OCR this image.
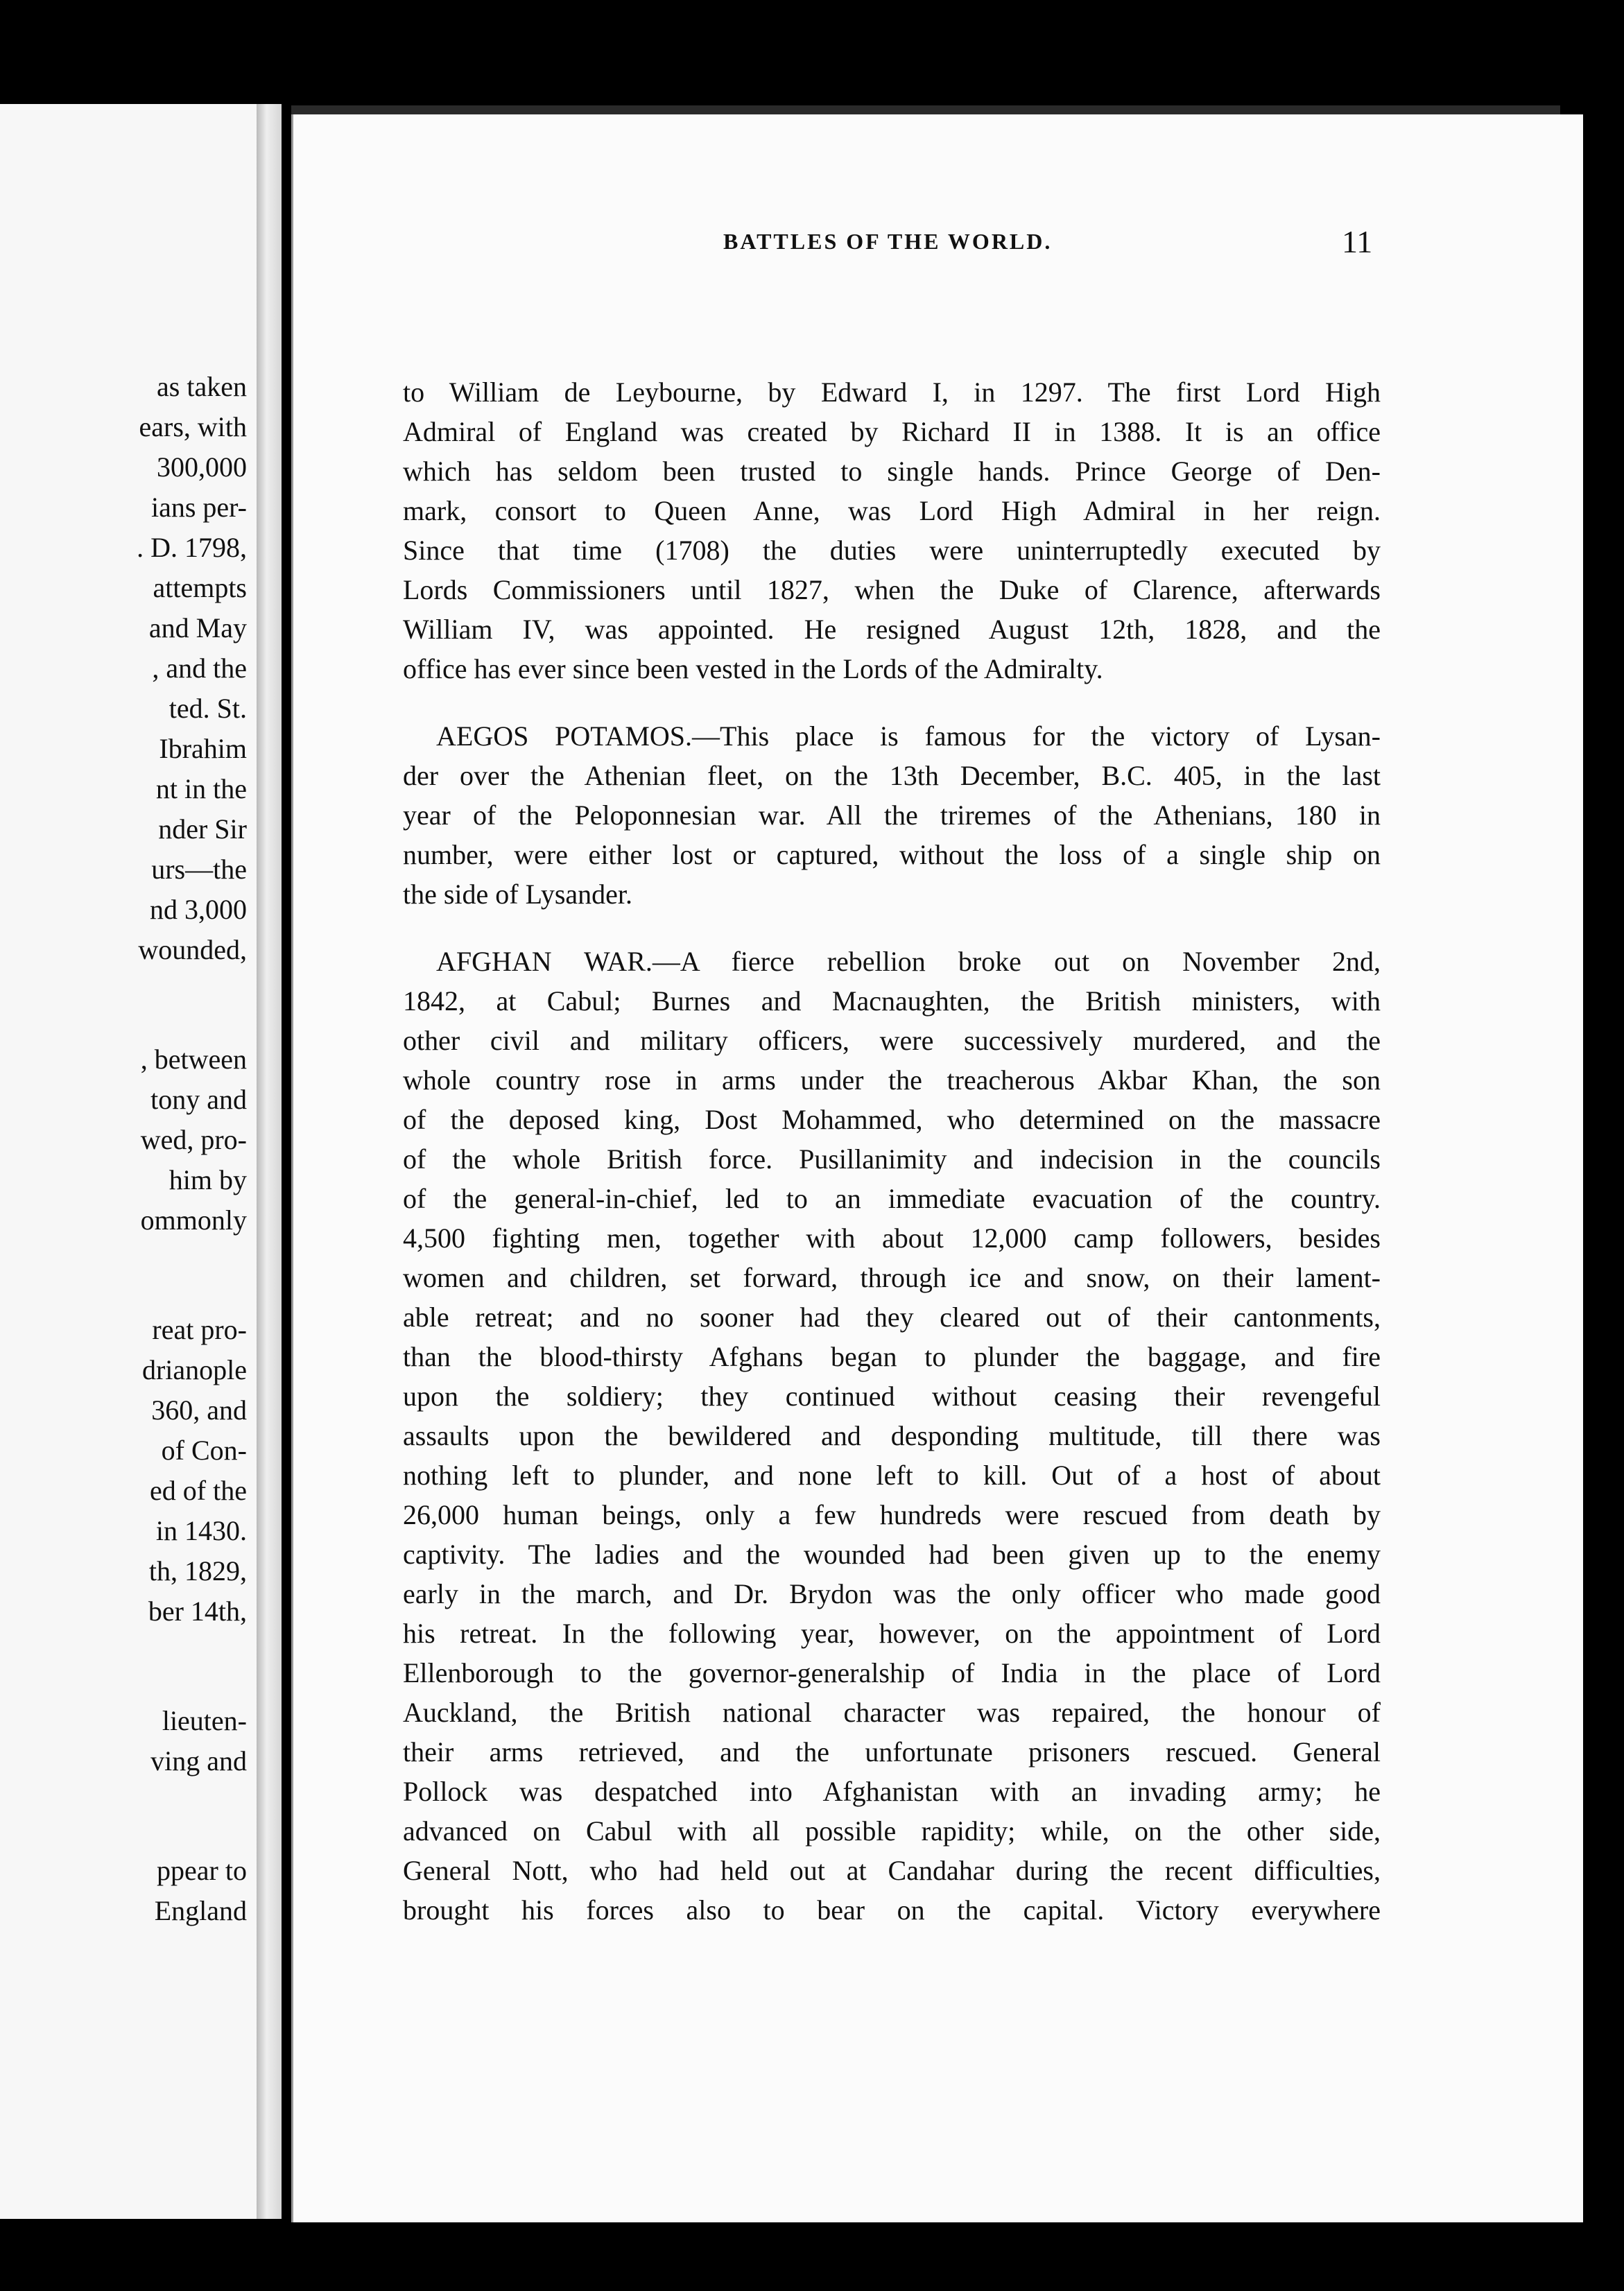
as taken
ears, with
300,000
ians per-
. D. 1798,
attempts
and May
, and the
ted. St.
Ibrahim
nt in the
nder Sir
urs—the
nd 3,000
wounded,
, between
tony and
wed, pro-
him by
ommonly
reat pro-
drianople
360, and
of Con-
ed of the
in 1430.
th, 1829,
ber 14th,
lieuten-
ving and
ppear to
England
BATTLES OF THE WORLD.	11
to William de Leybourne, by Edward I, in 1297. The first Lord High
Admiral of England was created by Richard II in 1388. It is an office
which has seldom been trusted to single hands. Prince George of Den-
mark, consort to Queen Anne, was Lord High Admiral in her reign.
Since that time (1708) the duties were uninterruptedly executed by
Lords Commissioners until 1827, when the Duke of Clarence, afterwards
William IV, was appointed. He resigned August 12th, 1828, and the
office has ever since been vested in the Lords of the Admiralty.
AEGOS POTAMOS.—This place is famous for the victory of Lysan-
der over the Athenian fleet, on the 13th December, B.C. 405, in the last
year of the Peloponnesian war. All the triremes of the Athenians, 180 in
number, were either lost or captured, without the loss of a single ship on
the side of Lysander.
AFGHAN WAR.—A fierce rebellion broke out on November 2nd,
1842, at Cabul; Burnes and Macnaughten, the British ministers, with
other civil and military officers, were successively murdered, and the
whole country rose in arms under the treacherous Akbar Khan, the son
of the deposed king, Dost Mohammed, who determined on the massacre
of the whole British force. Pusillanimity and indecision in the councils
of the general-in-chief, led to an immediate evacuation of the country.
4,500 fighting men, together with about 12,000 camp followers, besides
women and children, set forward, through ice and snow, on their lament-
able retreat; and no sooner had they cleared out of their cantonments,
than the blood-thirsty Afghans began to plunder the baggage, and fire
upon the soldiery; they continued without ceasing their revengeful
assaults upon the bewildered and desponding multitude, till there was
nothing left to plunder, and none left to kill. Out of a host of about
26,000 human beings, only a few hundreds were rescued from death by
captivity. The ladies and the wounded had been given up to the enemy
early in the march, and Dr. Brydon was the only officer who made good
his retreat. In the following year, however, on the appointment of Lord
Ellenborough to the governor-generalship of India in the place of Lord
Auckland, the British national character was repaired, the honour of
their arms retrieved, and the unfortunate prisoners rescued. General
Pollock was despatched into Afghanistan with an invading army; he
advanced on Cabul with all possible rapidity; while, on the other side,
General Nott, who had held out at Candahar during the recent difficulties,
brought his forces also to bear on the capital. Victory everywhere
